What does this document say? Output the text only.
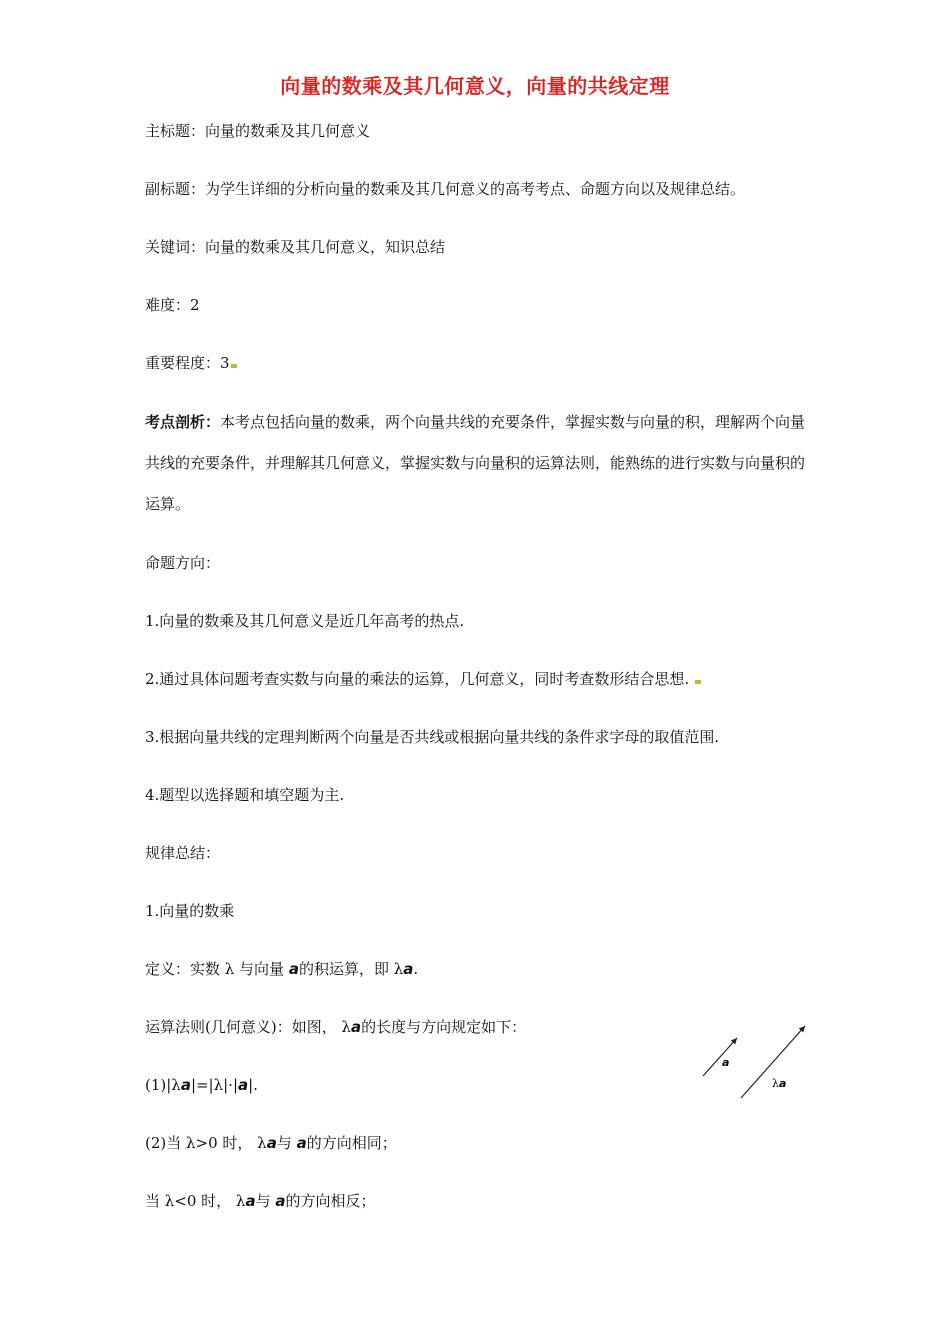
向量的数乘及其几何意义，向量的共线定理
主标题：向量的数乘及其几何意义
副标题：为学生详细的分析向量的数乘及其几何意义的高考考点、命题方向以及规律总结。
关键词：向量的数乘及其几何意义，知识总结
难度：2
重要程度：3
考点剖析：本考点包括向量的数乘，两个向量共线的充要条件，掌握实数与向量的积，理解两个向量共线的充要条件，并理解其几何意义，掌握实数与向量积的运算法则，能熟练的进行实数与向量积的运算。
命题方向：
1.向量的数乘及其几何意义是近几年高考的热点.
2.通过具体问题考查实数与向量的乘法的运算，几何意义，同时考查数形结合思想.
3.根据向量共线的定理判断两个向量是否共线或根据向量共线的条件求字母的取值范围.
4.题型以选择题和填空题为主.
规律总结：
1.向量的数乘
定义：实数 λ 与向量 a的积运算，即 λa.
运算法则(几何意义)：如图， λa的长度与方向规定如下：
(1)|λa|=|λ|·|a|.
(2)当 λ>0 时， λa与 a的方向相同；
当 λ<0 时， λa与 a的方向相反；
a
λa
